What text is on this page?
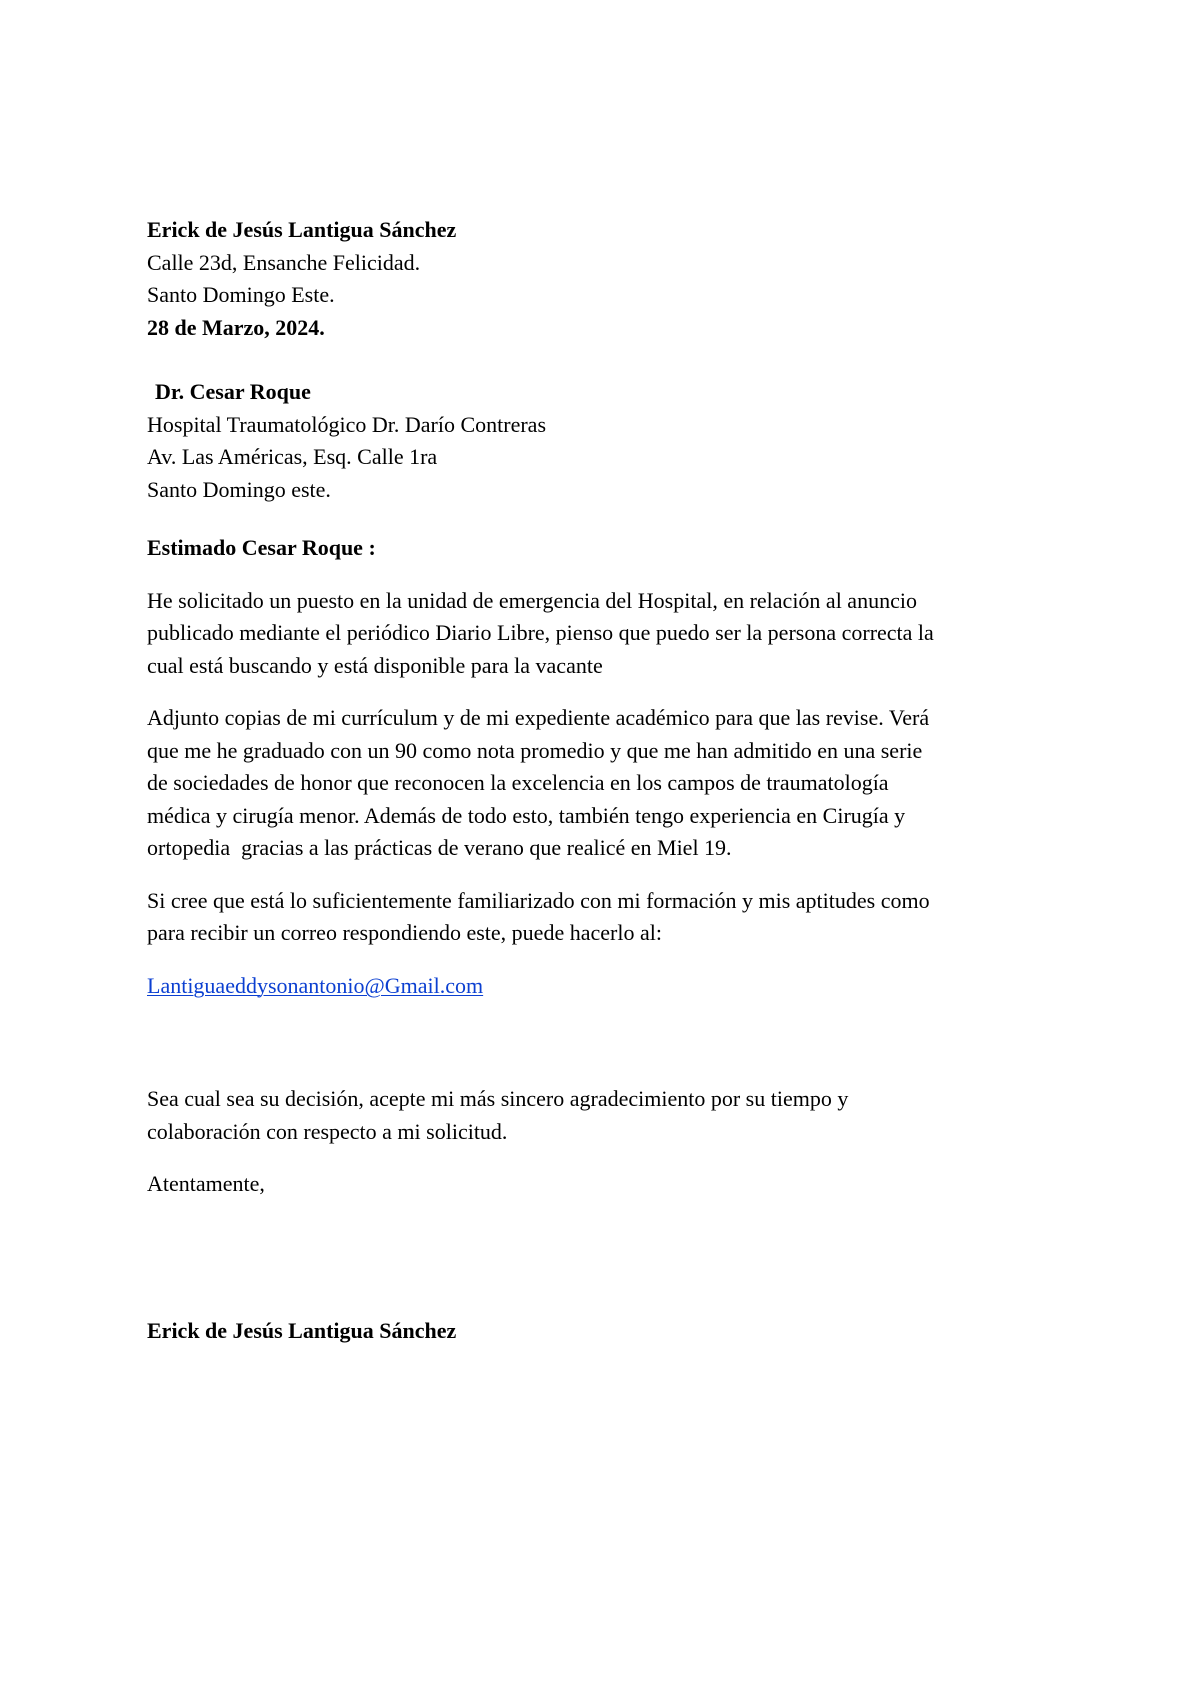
Erick de Jesús Lantigua Sánchez
Calle 23d, Ensanche Felicidad.
Santo Domingo Este.
28 de Marzo, 2024.
Dr. Cesar Roque
Hospital Traumatológico Dr. Darío Contreras
Av. Las Américas, Esq. Calle 1ra
Santo Domingo este.
Estimado Cesar Roque :
He solicitado un puesto en la unidad de emergencia del Hospital, en relación al anuncio
publicado mediante el periódico Diario Libre, pienso que puedo ser la persona correcta la
cual está buscando y está disponible para la vacante
Adjunto copias de mi currículum y de mi expediente académico para que las revise. Verá
que me he graduado con un 90 como nota promedio y que me han admitido en una serie
de sociedades de honor que reconocen la excelencia en los campos de traumatología
médica y cirugía menor. Además de todo esto, también tengo experiencia en Cirugía y
ortopedia  gracias a las prácticas de verano que realicé en Miel 19.
Si cree que está lo suficientemente familiarizado con mi formación y mis aptitudes como
para recibir un correo respondiendo este, puede hacerlo al:
Lantiguaeddysonantonio@Gmail.com
Sea cual sea su decisión, acepte mi más sincero agradecimiento por su tiempo y
colaboración con respecto a mi solicitud.
Atentamente,
Erick de Jesús Lantigua Sánchez
